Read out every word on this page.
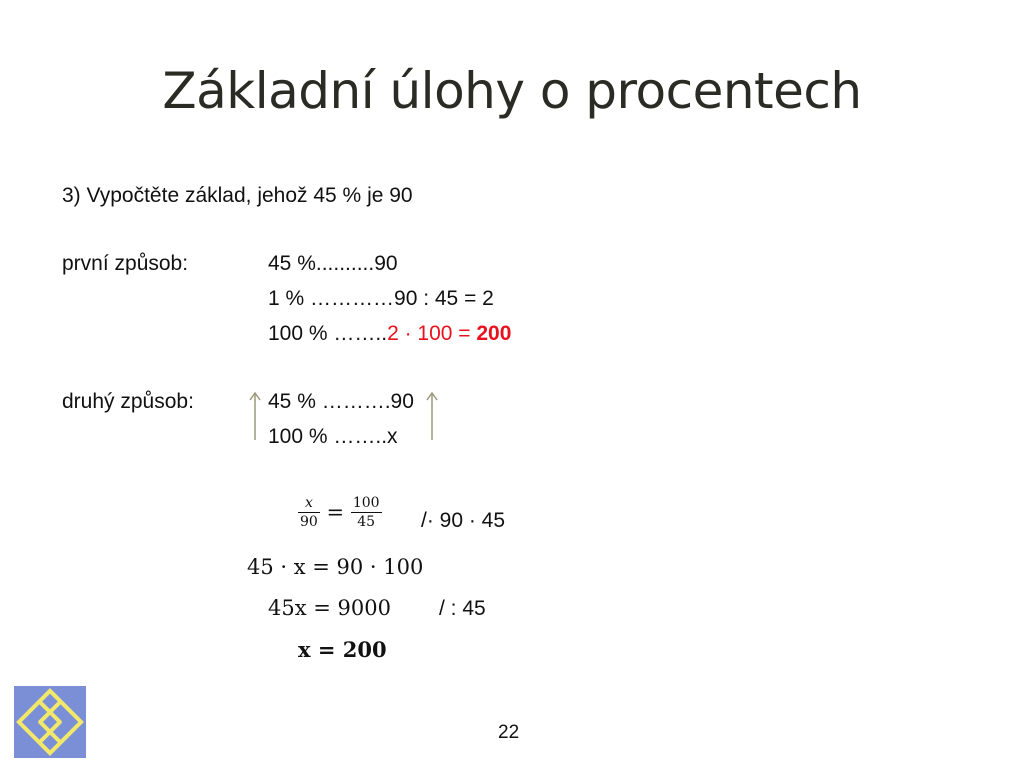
Základní úlohy o procentech
3) Vypočtěte základ, jehož 45 % je 90
první způsob:	45 %..........90
1 % …………90 : 45 = 2
100 % ……..2 · 100 = 200
druhý způsob:	45 % ……….90
100 % ……..x
$\frac{x}{90} = \frac{100}{45} /\cdot 90 \cdot 45$
45 · x = 90 · 100
45x = 9000 / : 45
x = 200
22
